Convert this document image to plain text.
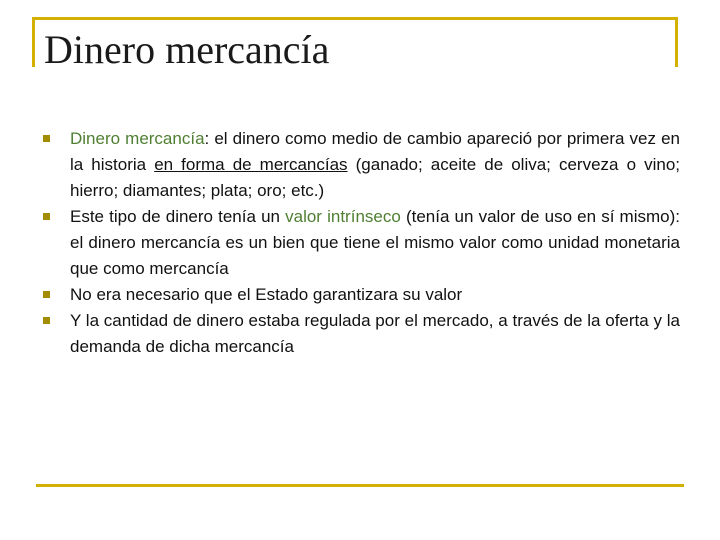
Dinero mercancía
Dinero mercancía: el dinero como medio de cambio apareció por primera vez en la historia en forma de mercancías (ganado; aceite de oliva; cerveza o vino; hierro; diamantes; plata; oro; etc.)
Este tipo de dinero tenía un valor intrínseco (tenía un valor de uso en sí mismo): el dinero mercancía es un bien que tiene el mismo valor como unidad monetaria que como mercancía
No era necesario que el Estado garantizara su valor
Y la cantidad de dinero estaba regulada por el mercado, a través de la oferta y la demanda de dicha mercancía
